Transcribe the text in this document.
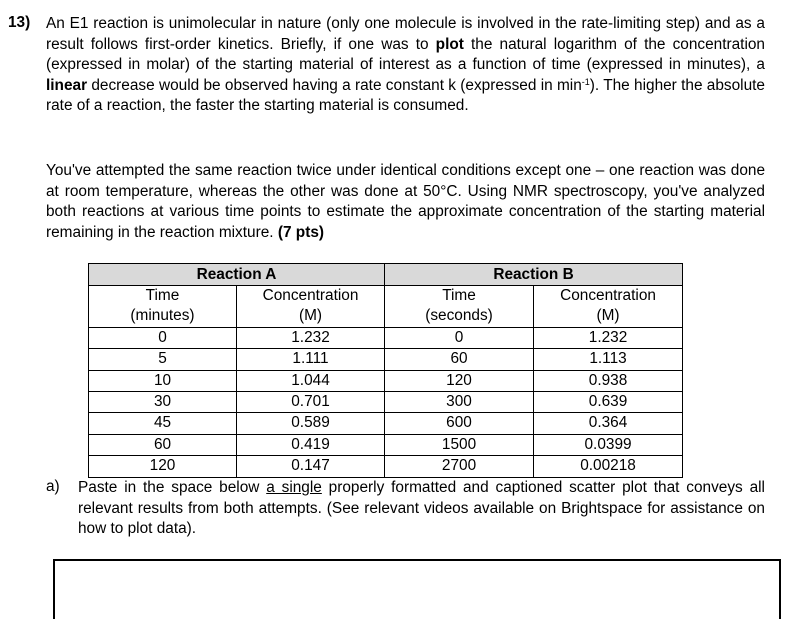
13) An E1 reaction is unimolecular in nature (only one molecule is involved in the rate-limiting step) and as a result follows first-order kinetics. Briefly, if one was to plot the natural logarithm of the concentration (expressed in molar) of the starting material of interest as a function of time (expressed in minutes), a linear decrease would be observed having a rate constant k (expressed in $\min^{-1}$). The higher the absolute rate of a reaction, the faster the starting material is consumed.

You've attempted the same reaction twice under identical conditions except one – one reaction was done at room temperature, whereas the other was done at 50°C. Using NMR spectroscopy, you've analyzed both reactions at various time points to estimate the approximate concentration of the starting material remaining in the reaction mixture. (7 pts)

Reaction A		Reaction B	
Time	Concentration	Time	Concentration
(minutes)	(M)	(seconds)	(M)
0	1.232	0	1.232
5	1.111	60	1.113
10	1.044	120	0.938
30	0.701	300	0.639
45	0.589	600	0.364
60	0.419	1500	0.0399
120	0.147	2700	0.00218
a) Paste in the space below a single properly formatted and captioned scatter plot that conveys all relevant results from both attempts. (See relevant videos available on Brightspace for assistance on how to plot data).
